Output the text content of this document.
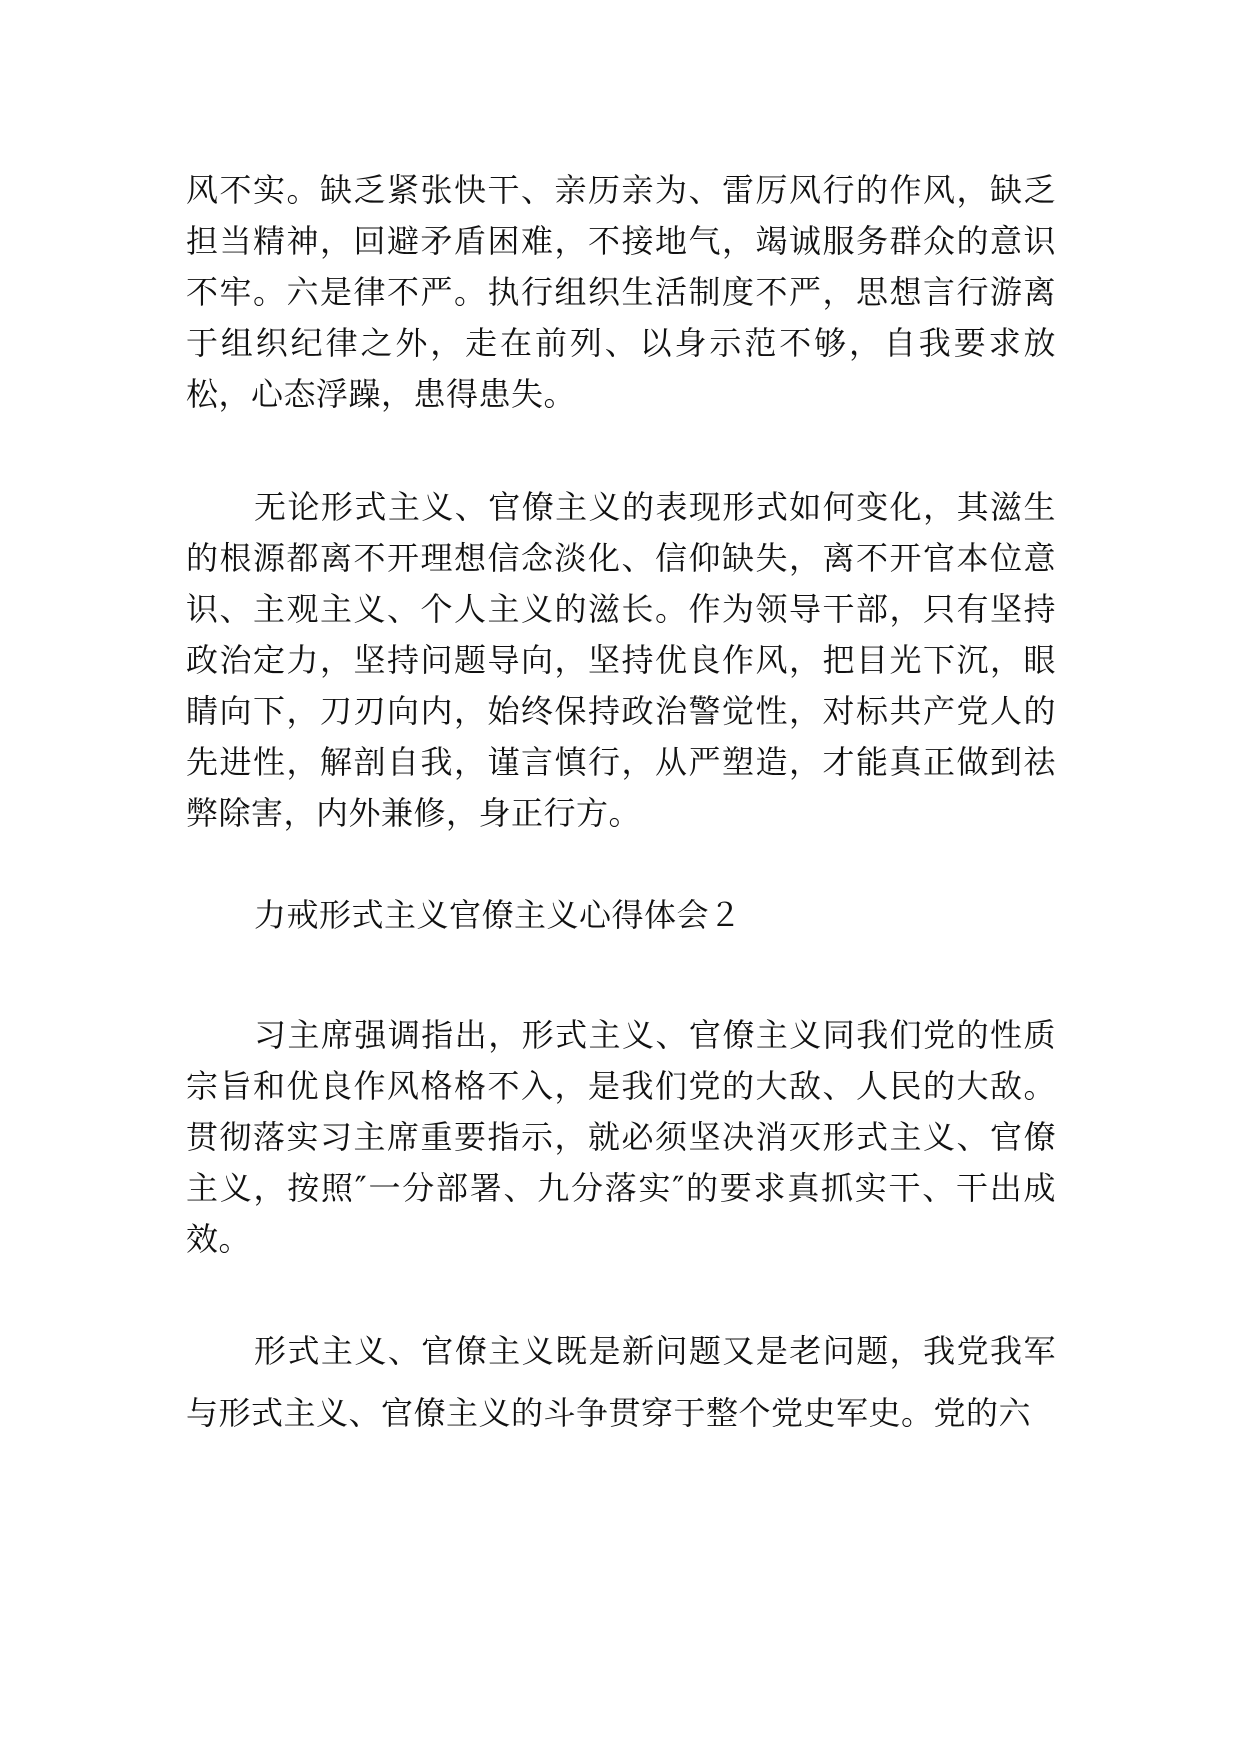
风不实。缺乏紧张快干、亲历亲为、雷厉风行的作风，缺乏担当精神，回避矛盾困难，不接地气，竭诚服务群众的意识不牢。六是律不严。执行组织生活制度不严，思想言行游离于组织纪律之外，走在前列、以身示范不够，自我要求放松，心态浮躁，患得患失。

无论形式主义、官僚主义的表现形式如何变化，其滋生的根源都离不开理想信念淡化、信仰缺失，离不开官本位意识、主观主义、个人主义的滋长。作为领导干部，只有坚持政治定力，坚持问题导向，坚持优良作风，把目光下沉，眼睛向下，刀刃向内，始终保持政治警觉性，对标共产党人的先进性，解剖自我，谨言慎行，从严塑造，才能真正做到祛弊除害，内外兼修，身正行方。

力戒形式主义官僚主义心得体会２

习主席强调指出，形式主义、官僚主义同我们党的性质宗旨和优良作风格格不入，是我们党的大敌、人民的大敌。贯彻落实习主席重要指示，就必须坚决消灭形式主义、官僚主义，按照″一分部署、九分落实″的要求真抓实干、干出成效。

形式主义、官僚主义既是新问题又是老问题，我党我军与形式主义、官僚主义的斗争贯穿于整个党史军史。党的六
